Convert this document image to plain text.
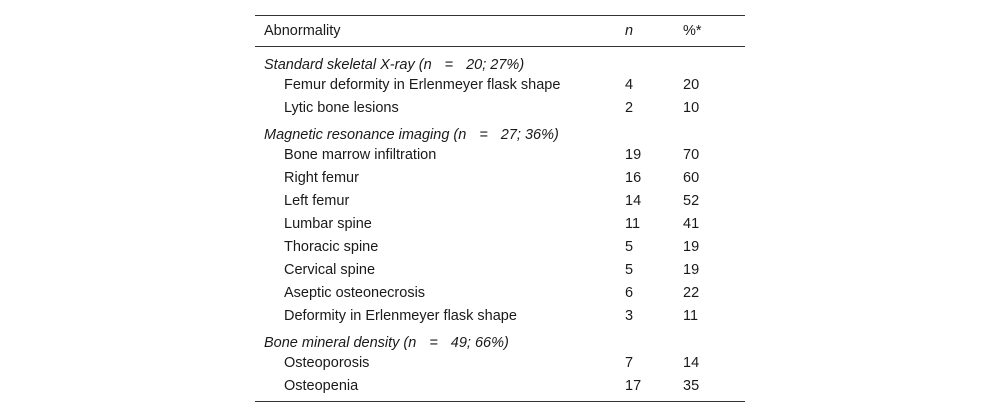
Abnormality	n	%*
Standard skeletal X-ray (n = 20; 27%)		
Femur deformity in Erlenmeyer flask shape	4	20
Lytic bone lesions	2	10
Magnetic resonance imaging (n = 27; 36%)		
Bone marrow infiltration	19	70
Right femur	16	60
Left femur	14	52
Lumbar spine	11	41
Thoracic spine	5	19
Cervical spine	5	19
Aseptic osteonecrosis	6	22
Deformity in Erlenmeyer flask shape	3	11
Bone mineral density (n = 49; 66%)		
Osteoporosis	7	14
Osteopenia	17	35
